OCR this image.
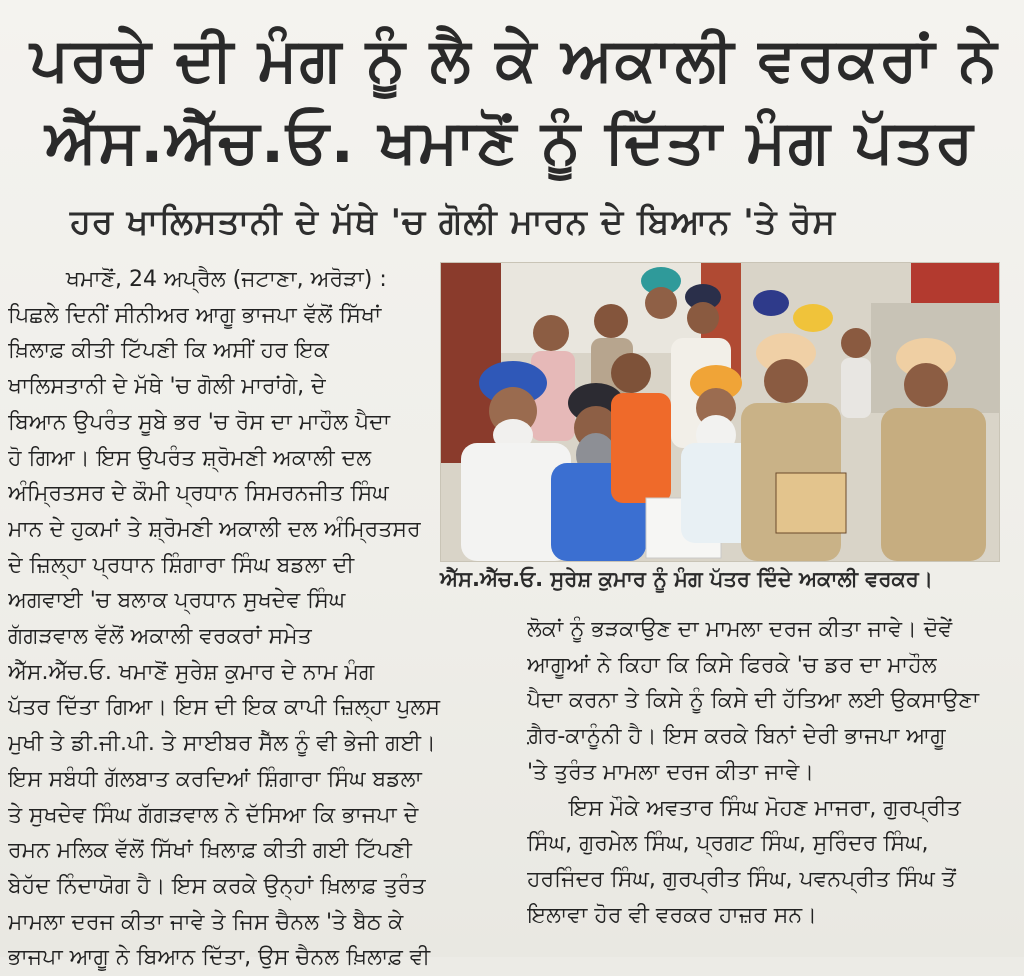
ਪਰਚੇ ਦੀ ਮੰਗ ਨੂੰ ਲੈ ਕੇ ਅਕਾਲੀ ਵਰਕਰਾਂ ਨੇ
ਐੱਸ.ਐੱਚ.ਓ. ਖਮਾਣੋਂ ਨੂੰ ਦਿੱਤਾ ਮੰਗ ਪੱਤਰ
ਹਰ ਖਾਲਿਸਤਾਨੀ ਦੇ ਮੱਥੇ 'ਚ ਗੋਲੀ ਮਾਰਨ ਦੇ ਬਿਆਨ 'ਤੇ ਰੋਸ

ਖਮਾਣੋਂ, 24 ਅਪ੍ਰੈਲ (ਜਟਾਣਾ, ਅਰੋੜਾ) :

ਪਿਛਲੇ ਦਿਨੀਂ ਸੀਨੀਅਰ ਆਗੂ ਭਾਜਪਾ ਵੱਲੋਂ ਸਿੱਖਾਂ

ਖ਼ਿਲਾਫ਼ ਕੀਤੀ ਟਿੱਪਣੀ ਕਿ ਅਸੀਂ ਹਰ ਇਕ

ਖਾਲਿਸਤਾਨੀ ਦੇ ਮੱਥੇ 'ਚ ਗੋਲੀ ਮਾਰਾਂਗੇ, ਦੇ

ਬਿਆਨ ਉਪਰੰਤ ਸੂਬੇ ਭਰ 'ਚ ਰੋਸ ਦਾ ਮਾਹੌਲ ਪੈਦਾ

ਹੋ ਗਿਆ। ਇਸ ਉਪਰੰਤ ਸ਼੍ਰੋਮਣੀ ਅਕਾਲੀ ਦਲ

ਅੰਮ੍ਰਿਤਸਰ ਦੇ ਕੌਮੀ ਪ੍ਰਧਾਨ ਸਿਮਰਨਜੀਤ ਸਿੰਘ

ਮਾਨ ਦੇ ਹੁਕਮਾਂ ਤੇ ਸ਼੍ਰੋਮਣੀ ਅਕਾਲੀ ਦਲ ਅੰਮ੍ਰਿਤਸਰ

ਦੇ ਜ਼ਿਲ੍ਹਾ ਪ੍ਰਧਾਨ ਸ਼ਿੰਗਾਰਾ ਸਿੰਘ ਬਡਲਾ ਦੀ

ਅਗਵਾਈ 'ਚ ਬਲਾਕ ਪ੍ਰਧਾਨ ਸੁਖਦੇਵ ਸਿੰਘ

ਗੱਗੜਵਾਲ ਵੱਲੋਂ ਅਕਾਲੀ ਵਰਕਰਾਂ ਸਮੇਤ

ਐੱਸ.ਐੱਚ.ਓ. ਖਮਾਣੋਂ ਸੁਰੇਸ਼ ਕੁਮਾਰ ਦੇ ਨਾਮ ਮੰਗ

ਪੱਤਰ ਦਿੱਤਾ ਗਿਆ। ਇਸ ਦੀ ਇਕ ਕਾਪੀ ਜ਼ਿਲ੍ਹਾ ਪੁਲਸ

ਮੁਖੀ ਤੇ ਡੀ.ਜੀ.ਪੀ. ਤੇ ਸਾਈਬਰ ਸੈੱਲ ਨੂੰ ਵੀ ਭੇਜੀ ਗਈ।

ਇਸ ਸਬੰਧੀ ਗੱਲਬਾਤ ਕਰਦਿਆਂ ਸ਼ਿੰਗਾਰਾ ਸਿੰਘ ਬਡਲਾ

ਤੇ ਸੁਖਦੇਵ ਸਿੰਘ ਗੱਗੜਵਾਲ ਨੇ ਦੱਸਿਆ ਕਿ ਭਾਜਪਾ ਦੇ

ਰਮਨ ਮਲਿਕ ਵੱਲੋਂ ਸਿੱਖਾਂ ਖ਼ਿਲਾਫ਼ ਕੀਤੀ ਗਈ ਟਿੱਪਣੀ

ਬੇਹੱਦ ਨਿੰਦਾਯੋਗ ਹੈ। ਇਸ ਕਰਕੇ ਉਨ੍ਹਾਂ ਖ਼ਿਲਾਫ਼ ਤੁਰੰਤ

ਮਾਮਲਾ ਦਰਜ ਕੀਤਾ ਜਾਵੇ ਤੇ ਜਿਸ ਚੈਨਲ 'ਤੇ ਬੈਠ ਕੇ

ਭਾਜਪਾ ਆਗੂ ਨੇ ਬਿਆਨ ਦਿੱਤਾ, ਉਸ ਚੈਨਲ ਖ਼ਿਲਾਫ਼ ਵੀ

ਐੱਸ.ਐੱਚ.ਓ. ਸੁਰੇਸ਼ ਕੁਮਾਰ ਨੂੰ ਮੰਗ ਪੱਤਰ ਦਿੰਦੇ ਅਕਾਲੀ ਵਰਕਰ।

ਲੋਕਾਂ ਨੂੰ ਭੜਕਾਉਣ ਦਾ ਮਾਮਲਾ ਦਰਜ ਕੀਤਾ ਜਾਵੇ। ਦੋਵੇਂ

ਆਗੂਆਂ ਨੇ ਕਿਹਾ ਕਿ ਕਿਸੇ ਫਿਰਕੇ 'ਚ ਡਰ ਦਾ ਮਾਹੌਲ

ਪੈਦਾ ਕਰਨਾ ਤੇ ਕਿਸੇ ਨੂੰ ਕਿਸੇ ਦੀ ਹੱਤਿਆ ਲਈ ਉਕਸਾਉਣਾ

ਗ਼ੈਰ-ਕਾਨੂੰਨੀ ਹੈ। ਇਸ ਕਰਕੇ ਬਿਨਾਂ ਦੇਰੀ ਭਾਜਪਾ ਆਗੂ

'ਤੇ ਤੁਰੰਤ ਮਾਮਲਾ ਦਰਜ ਕੀਤਾ ਜਾਵੇ।

ਇਸ ਮੌਕੇ ਅਵਤਾਰ ਸਿੰਘ ਮੋਹਣ ਮਾਜਰਾ, ਗੁਰਪ੍ਰੀਤ

ਸਿੰਘ, ਗੁਰਮੇਲ ਸਿੰਘ, ਪ੍ਰਗਟ ਸਿੰਘ, ਸੁਰਿੰਦਰ ਸਿੰਘ,

ਹਰਜਿੰਦਰ ਸਿੰਘ, ਗੁਰਪ੍ਰੀਤ ਸਿੰਘ, ਪਵਨਪ੍ਰੀਤ ਸਿੰਘ ਤੋਂ

ਇਲਾਵਾ ਹੋਰ ਵੀ ਵਰਕਰ ਹਾਜ਼ਰ ਸਨ।
